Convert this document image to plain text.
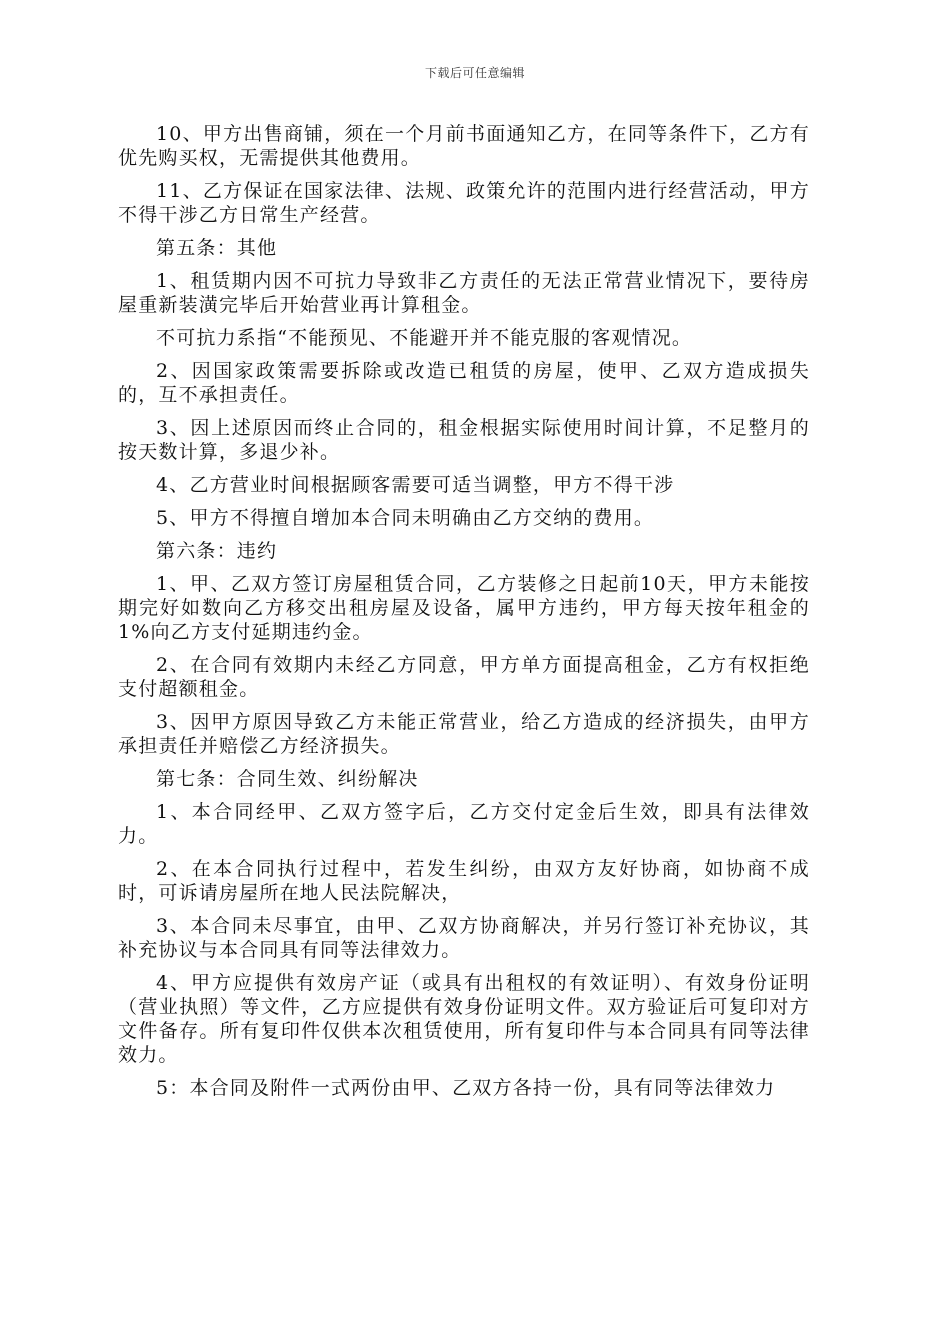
下载后可任意编辑

10、甲方出售商铺，须在一个月前书面通知乙方，在同等条件下，乙方有优先购买权，无需提供其他费用。

11、乙方保证在国家法律、法规、政策允许的范围内进行经营活动，甲方不得干涉乙方日常生产经营。

第五条：其他

1、租赁期内因不可抗力导致非乙方责任的无法正常营业情况下，要待房屋重新装潢完毕后开始营业再计算租金。

不可抗力系指“不能预见、不能避开并不能克服的客观情况。

2、因国家政策需要拆除或改造已租赁的房屋，使甲、乙双方造成损失的，互不承担责任。

3、因上述原因而终止合同的，租金根据实际使用时间计算，不足整月的按天数计算，多退少补。

4、乙方营业时间根据顾客需要可适当调整，甲方不得干涉

5、甲方不得擅自增加本合同未明确由乙方交纳的费用。

第六条：违约

1、甲、乙双方签订房屋租赁合同，乙方装修之日起前10天，甲方未能按期完好如数向乙方移交出租房屋及设备，属甲方违约，甲方每天按年租金的1%向乙方支付延期违约金。

2、在合同有效期内未经乙方同意，甲方单方面提高租金，乙方有权拒绝支付超额租金。

3、因甲方原因导致乙方未能正常营业，给乙方造成的经济损失，由甲方承担责任并赔偿乙方经济损失。

第七条：合同生效、纠纷解决

1、本合同经甲、乙双方签字后，乙方交付定金后生效，即具有法律效力。

2、在本合同执行过程中，若发生纠纷，由双方友好协商，如协商不成时，可诉请房屋所在地人民法院解决，

3、本合同未尽事宜，由甲、乙双方协商解决，并另行签订补充协议，其补充协议与本合同具有同等法律效力。

4、甲方应提供有效房产证（或具有出租权的有效证明）、有效身份证明（营业执照）等文件，乙方应提供有效身份证明文件。双方验证后可复印对方文件备存。所有复印件仅供本次租赁使用，所有复印件与本合同具有同等法律效力。

5：本合同及附件一式两份由甲、乙双方各持一份，具有同等法律效力
